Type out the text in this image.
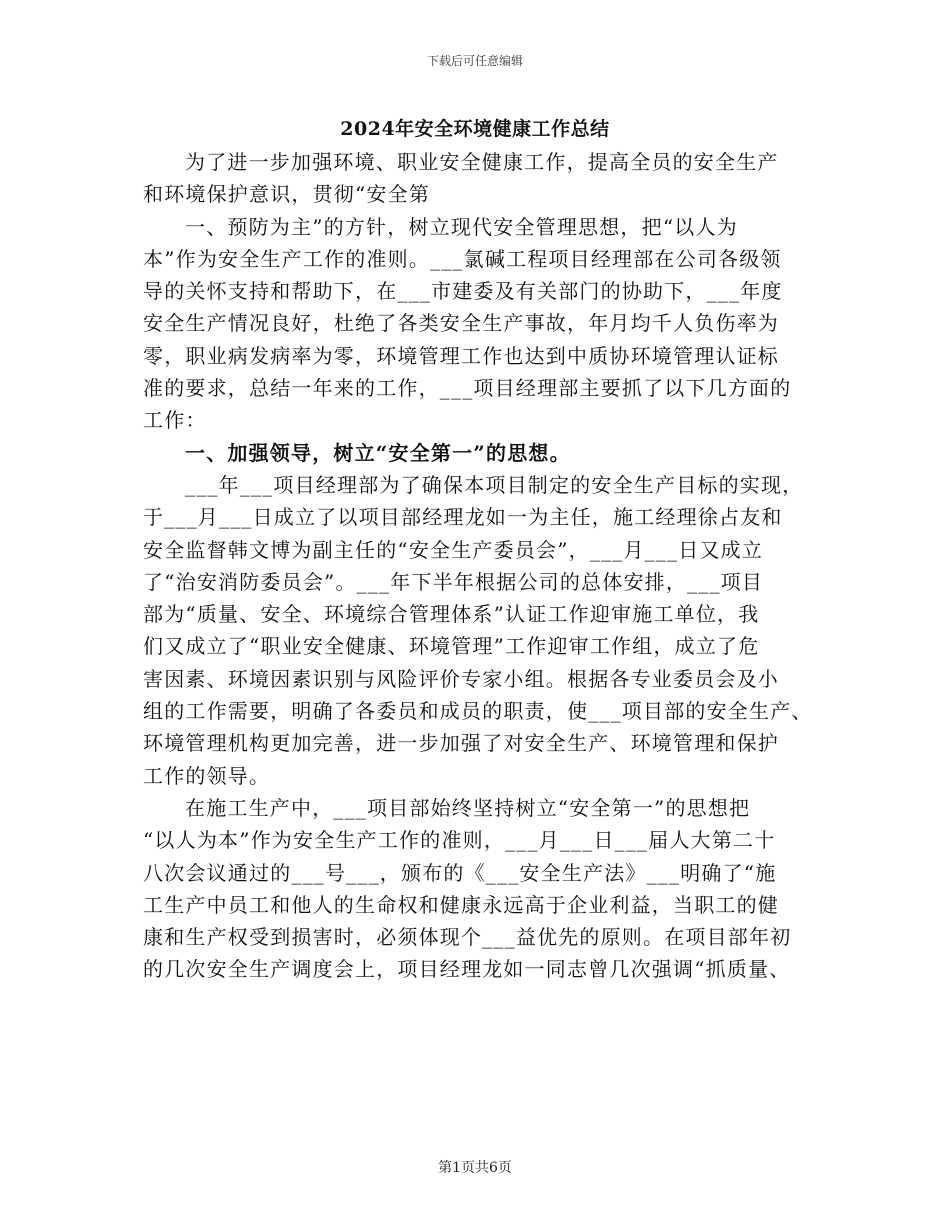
下载后可任意编辑
2024年安全环境健康工作总结
为了进一步加强环境、职业安全健康工作，提高全员的安全生产
和环境保护意识，贯彻“安全第
一、预防为主”的方针，树立现代安全管理思想，把“以人为
本”作为安全生产工作的准则。___氯碱工程项目经理部在公司各级领
导的关怀支持和帮助下，在___市建委及有关部门的协助下，___年度
安全生产情况良好，杜绝了各类安全生产事故，年月均千人负伤率为
零，职业病发病率为零，环境管理工作也达到中质协环境管理认证标
准的要求，总结一年来的工作，___项目经理部主要抓了以下几方面的
工作：
一、加强领导，树立“安全第一”的思想。
___年___项目经理部为了确保本项目制定的安全生产目标的实现，
于___月___日成立了以项目部经理龙如一为主任，施工经理徐占友和
安全监督韩文博为副主任的“安全生产委员会”，___月___日又成立
了“治安消防委员会”。___年下半年根据公司的总体安排，___项目
部为“质量、安全、环境综合管理体系”认证工作迎审施工单位，我
们又成立了“职业安全健康、环境管理”工作迎审工作组，成立了危
害因素、环境因素识别与风险评价专家小组。根据各专业委员会及小
组的工作需要，明确了各委员和成员的职责，使___项目部的安全生产、
环境管理机构更加完善，进一步加强了对安全生产、环境管理和保护
工作的领导。
在施工生产中，___项目部始终坚持树立“安全第一”的思想把
“以人为本”作为安全生产工作的准则，___月___日___届人大第二十
八次会议通过的___号___，颁布的《___安全生产法》___明确了“施
工生产中员工和他人的生命权和健康永远高于企业利益，当职工的健
康和生产权受到损害时，必须体现个___益优先的原则。在项目部年初
的几次安全生产调度会上，项目经理龙如一同志曾几次强调“抓质量、
第1页共6页
